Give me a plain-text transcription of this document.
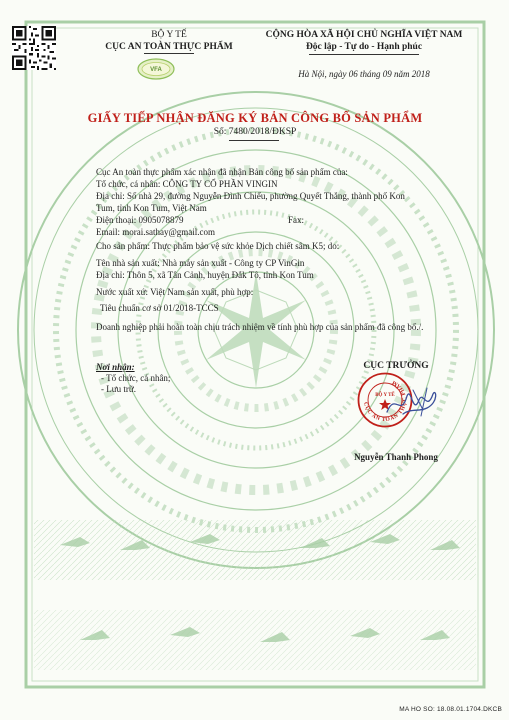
BỘ Y TẾ
CỤC AN TOÀN THỰC PHẨM
VFA
CỘNG HÒA XÃ HỘI CHỦ NGHĨA VIỆT NAM
Độc lập - Tự do - Hạnh phúc
Hà Nội, ngày 06 tháng 09 năm 2018
GIẤY TIẾP NHẬN ĐĂNG KÝ BẢN CÔNG BỐ SẢN PHẨM
Số: 7480/2018/ĐKSP
Cục An toàn thực phẩm xác nhận đã nhận Bản công bố sản phẩm của:
Tổ chức, cá nhân: CÔNG TY CỔ PHẦN VINGIN
Địa chỉ: Số nhà 29, đường Nguyễn Đình Chiểu, phường Quyết Thắng, thành phố Kon
Tum, tỉnh Kon Tum, Việt Nam
Điện thoại: 0905078879	Fax:
Email: morai.sathay@gmail.com
Cho sản phẩm: Thực phẩm bảo vệ sức khỏe Dịch chiết sâm K5; do:
Tên nhà sản xuất: Nhà máy sản xuất - Công ty CP VinGin
Địa chỉ: Thôn 5, xã Tân Cảnh, huyện Đắk Tô, tỉnh Kon Tum
Nước xuất xứ: Việt Nam sản xuất, phù hợp:
Tiêu chuẩn cơ sở 01/2018-TCCS
Doanh nghiệp phải hoàn toàn chịu trách nhiệm về tính phù hợp của sản phẩm đã công bố./.
Nơi nhận:
- Tổ chức, cá nhân;
- Lưu trữ.
CỤC TRƯỞNG
CỤC AN TOÀN THỰC PHẨM
BỘ Y TẾ
Nguyễn Thanh Phong
MA HO SO: 18.08.01.1704.DKCB
